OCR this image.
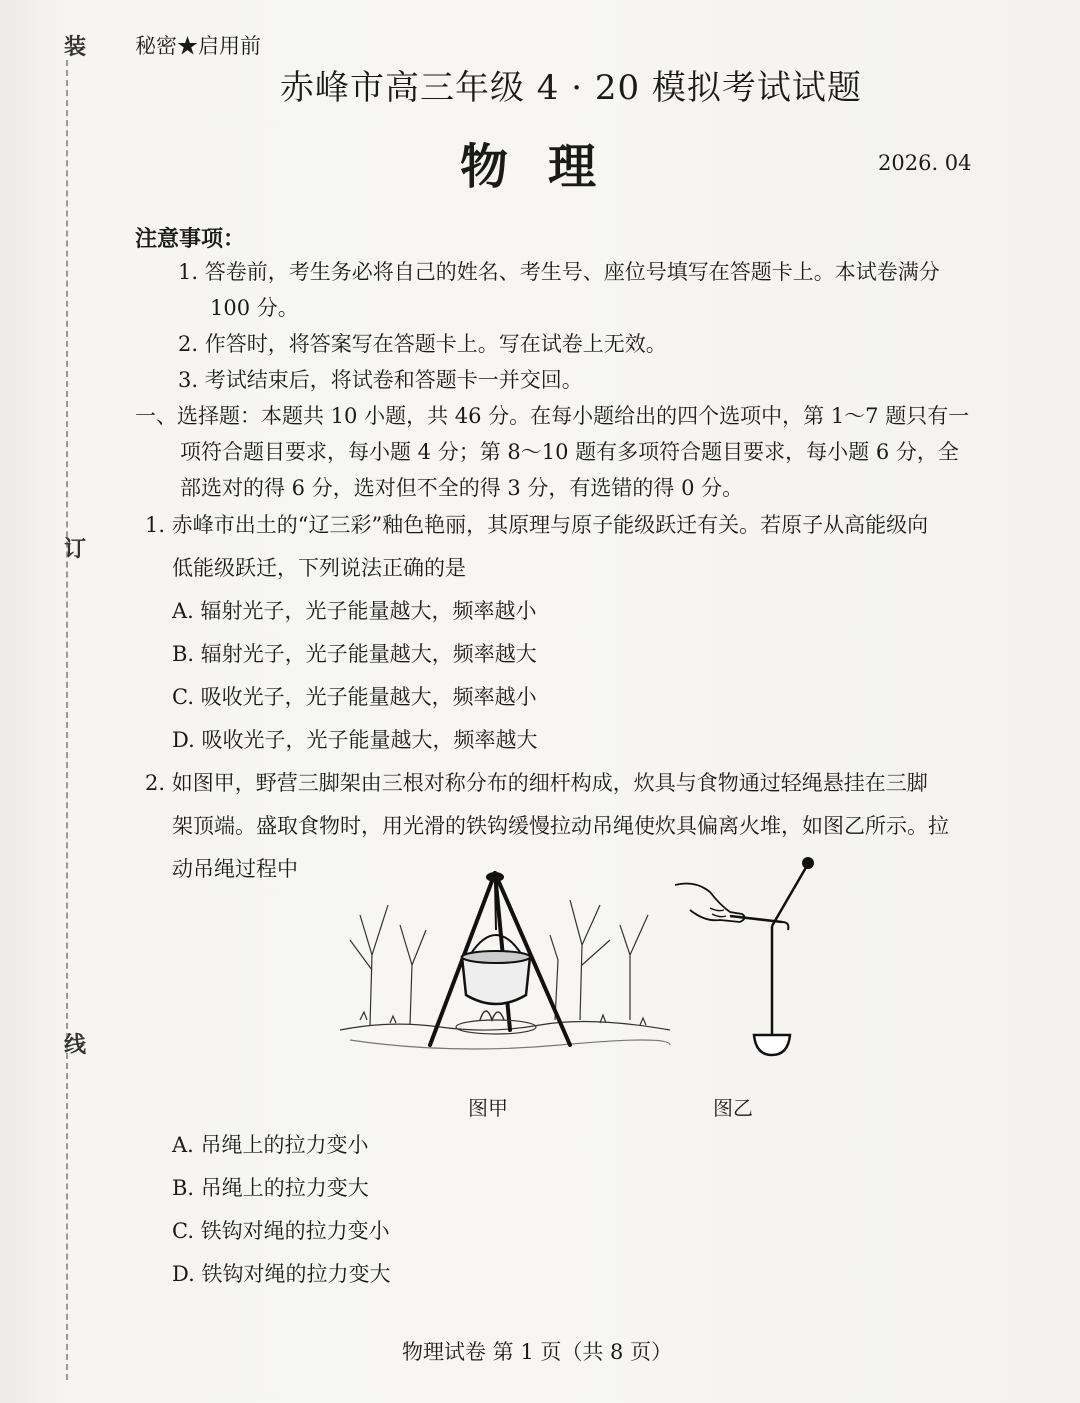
装
订
线
秘密★启用前
赤峰市高三年级 4 · 20 模拟考试试题
物理	2026. 04
注意事项：
1. 答卷前，考生务必将自己的姓名、考生号、座位号填写在答题卡上。本试卷满分
100 分。
2. 作答时，将答案写在答题卡上。写在试卷上无效。
3. 考试结束后，将试卷和答题卡一并交回。
一、选择题：本题共 10 小题，共 46 分。在每小题给出的四个选项中，第 1～7 题只有一
项符合题目要求，每小题 4 分；第 8～10 题有多项符合题目要求，每小题 6 分，全
部选对的得 6 分，选对但不全的得 3 分，有选错的得 0 分。
1. 赤峰市出土的“辽三彩”釉色艳丽，其原理与原子能级跃迁有关。若原子从高能级向
低能级跃迁，下列说法正确的是
A. 辐射光子，光子能量越大，频率越小
B. 辐射光子，光子能量越大，频率越大
C. 吸收光子，光子能量越大，频率越小
D. 吸收光子，光子能量越大，频率越大
2. 如图甲，野营三脚架由三根对称分布的细杆构成，炊具与食物通过轻绳悬挂在三脚
架顶端。盛取食物时，用光滑的铁钩缓慢拉动吊绳使炊具偏离火堆，如图乙所示。拉
动吊绳过程中
图甲	图乙
A. 吊绳上的拉力变小
B. 吊绳上的拉力变大
C. 铁钩对绳的拉力变小
D. 铁钩对绳的拉力变大
物理试卷 第 1 页（共 8 页）
